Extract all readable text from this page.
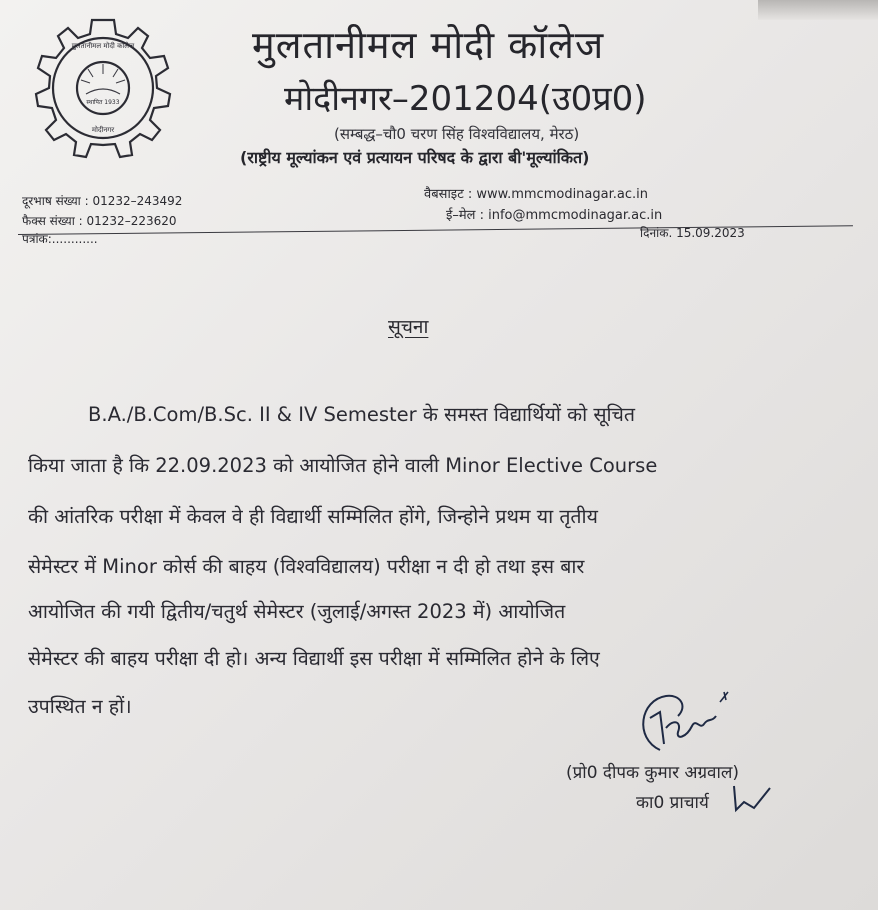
स्थापित 1933
मोदीनगर
मुलतानीमल मोदी कॉलेज	मुलतानीमल मोदी कॉलेज
मोदीनगर–201204(उ0प्र0)
(सम्बद्ध–चौ0 चरण सिंह विश्वविद्यालय, मेरठ)
(राष्ट्रीय मूल्यांकन एवं प्रत्यायन परिषद के द्वारा बी'मूल्यांकित)
दूरभाष संख्या : 01232–243492
फैक्स संख्या : 01232–223620
वैबसाइट : www.mmcmodinagar.ac.in
ई–मेल : info@mmcmodinagar.ac.in
पत्रांक:............	दिनांक. 15.09.2023
सूचना
B.A./B.Com/B.Sc. II & IV Semester के समस्त विद्यार्थियों को सूचित
किया जाता है कि 22.09.2023 को आयोजित होने वाली Minor Elective Course
की आंतरिक परीक्षा में केवल वे ही विद्यार्थी सम्मिलित होंगे, जिन्होने प्रथम या तृतीय
सेमेस्टर में Minor कोर्स की बाहय (विश्वविद्यालय) परीक्षा न दी हो तथा इस बार
आयोजित की गयी द्वितीय/चतुर्थ सेमेस्टर (जुलाई/अगस्त 2023 में) आयोजित
सेमेस्टर की बाहय परीक्षा दी हो। अन्य विद्यार्थी इस परीक्षा में सम्मिलित होने के लिए
उपस्थित न हों।
(प्रो0 दीपक कुमार अग्रवाल)
का0 प्राचार्य
